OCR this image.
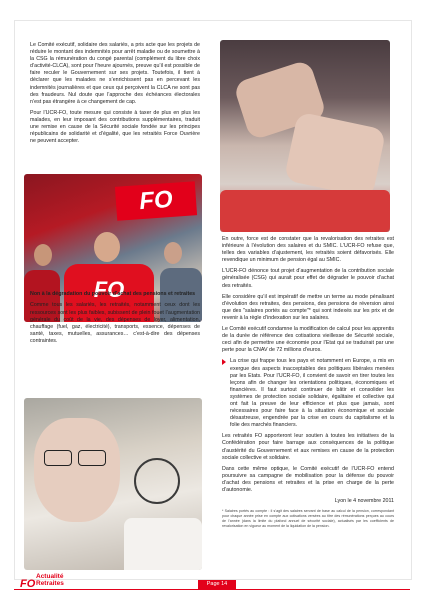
FO
FO

Le Comité exécutif, solidaire des salariés, a pris acte que les projets de réduire le montant des indemnités pour arrêt maladie ou de soumettre à la CSG la rémunération du congé parental (complément du libre choix d’activité-CLCA), sont pour l’heure ajournés, preuve qu’il est possible de faire reculer le Gouvernement sur ses projets. Toutefois, il tient à déclarer que les malades ne s’enrichissent pas en percevant les indemnités journalières et que ceux qui perçoivent la CLCA ne sont pas des fraudeurs. Nul doute que l’approche des échéances électorales n’est pas étrangère à ce changement de cap.

Pour l’UCR-FO, toute mesure qui consiste à taxer de plus en plus les malades, en leur imposant des contributions supplémentaires, traduit une remise en cause de la Sécurité sociale fondée sur les principes républicains de solidarité et d’égalité, que les retraités Force Ouvrière ne peuvent accepter.

Non à la dégradation du pouvoir d’achat des pensions et retraites

Comme tous les salariés, les retraités, notamment ceux dont les ressources sont les plus faibles, subissent de plein fouet l’augmentation générale du coût de la vie, des dépenses de loyer, alimentation, chauffage (fuel, gaz, électricité), transports, essence, dépenses de santé, taxes, mutuelles, assurances… c’est-à-dire des dépenses contraintes.

En outre, force est de constater que la revalorisation des retraites est inférieure à l’évolution des salaires et du SMIC. L’UCR-FO refuse que, telles des variables d’ajustement, les retraités soient défavorisés. Elle revendique un minimum de pension égal au SMIC.

L’UCR-FO dénonce tout projet d’augmentation de la contribution sociale généralisée (CSG) qui aurait pour effet de dégrader le pouvoir d’achat des retraités.

Elle considère qu’il est impératif de mettre un terme au mode pénalisant d’évolution des retraites, des pensions, des pensions de réversion ainsi que des "salaires portés au compte"* qui sont indexés sur les prix et de revenir à la règle d’indexation sur les salaires.

Le Comité exécutif condamne la modification de calcul pour les apprentis de la durée de référence des cotisations vieillesse de Sécurité sociale, ceci afin de permettre une économie pour l’Etat qui se traduirait par une perte pour la CNAV de 72 millions d’euros.

La crise qui frappe tous les pays et notamment en Europe, a mis en exergue des aspects inacceptables des politiques libérales menées par les Etats. Pour l’UCR-FO, il convient de savoir en tirer toutes les leçons afin de changer les orientations politiques, économiques et financières. Il faut surtout continuer de bâtir et consolider les systèmes de protection sociale solidaire, égalitaire et collective qui ont fait la preuve de leur efficience et plus que jamais, sont nécessaires pour faire face à la situation économique et sociale désastreuse, engendrée par la crise en cours du capitalisme et la folie des marchés financiers.

Les retraités FO apporteront leur soutien à toutes les initiatives de la Confédération pour faire barrage aux conséquences de la politique d’austérité du Gouvernement et aux remises en cause de la protection sociale collective et solidaire.

Dans cette même optique, le Comité exécutif de l’UCR-FO entend poursuivre sa campagne de mobilisation pour la défense du pouvoir d’achat des pensions et retraites et la prise en charge de la perte d’autonomie.

Lyon le 4 novembre 2011

* Salaires portés au compte : il s’agit des salaires servant de base au calcul de la pension, correspondant pour chaque année prise en compte aux cotisations versées au titre des rémunérations perçues au cours de l’année (dans la limite du plafond annuel de sécurité sociale), actualisés par les coefficients de revalorisation en vigueur au moment de la liquidation de la pension.

FO
Actualité
Retraites	Page 14
